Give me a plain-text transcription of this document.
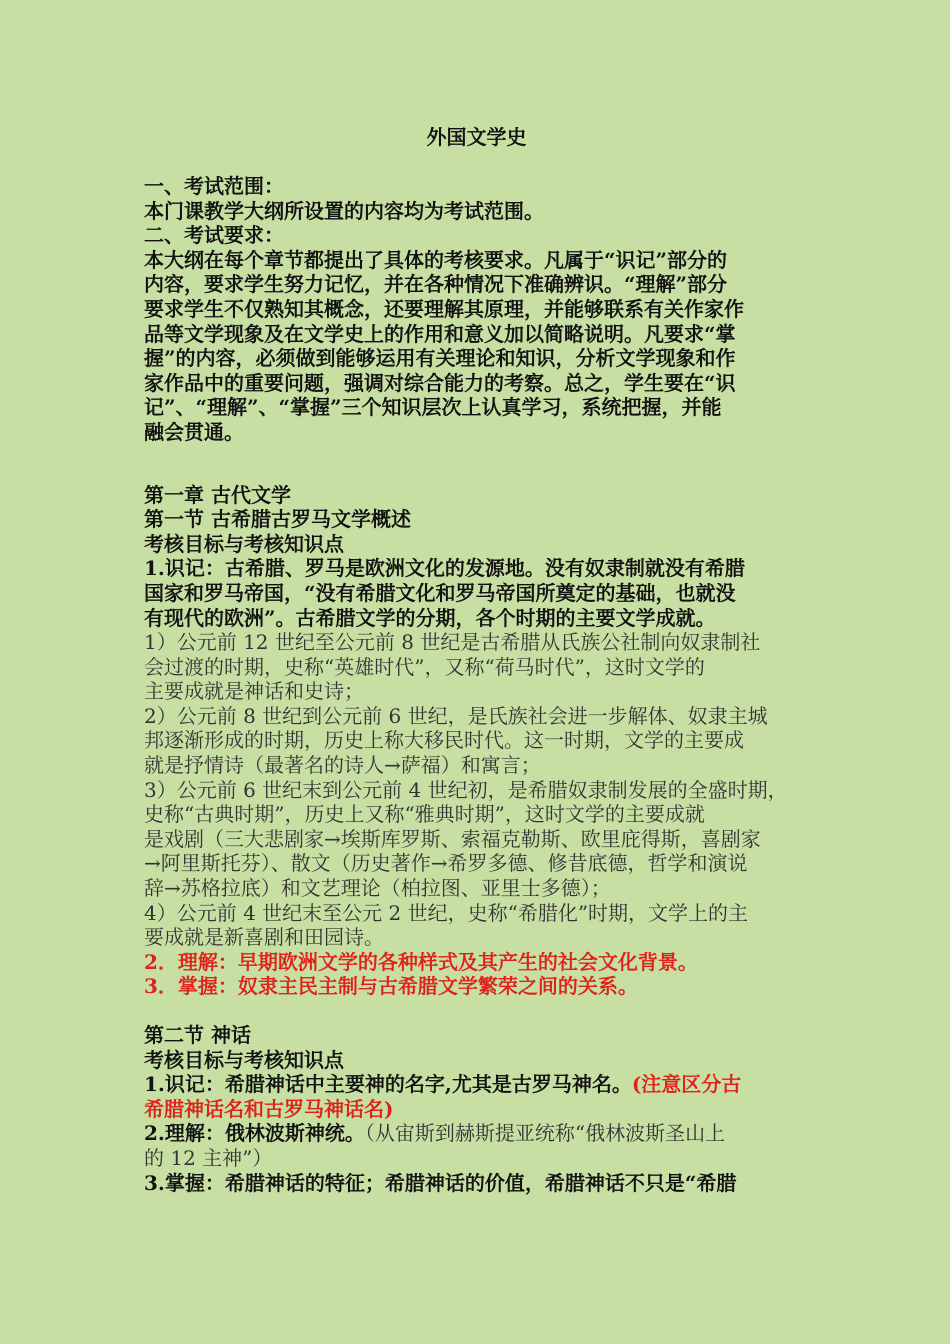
外国文学史
一、考试范围：
本门课教学大纲所设置的内容均为考试范围。
二、考试要求：
本大纲在每个章节都提出了具体的考核要求。凡属于“识记”部分的
内容，要求学生努力记忆，并在各种情况下准确辨识。“理解”部分
要求学生不仅熟知其概念，还要理解其原理，并能够联系有关作家作
品等文学现象及在文学史上的作用和意义加以简略说明。凡要求“掌
握”的内容，必须做到能够运用有关理论和知识，分析文学现象和作
家作品中的重要问题，强调对综合能力的考察。总之，学生要在“识
记”、“理解”、“掌握”三个知识层次上认真学习，系统把握，并能
融会贯通。
第一章 古代文学
第一节 古希腊古罗马文学概述
考核目标与考核知识点
1.识记：古希腊、罗马是欧洲文化的发源地。没有奴隶制就没有希腊
国家和罗马帝国，“没有希腊文化和罗马帝国所奠定的基础，也就没
有现代的欧洲”。古希腊文学的分期，各个时期的主要文学成就。
1）公元前 12 世纪至公元前 8 世纪是古希腊从氏族公社制向奴隶制社
会过渡的时期，史称“英雄时代”，又称“荷马时代”，这时文学的
主要成就是神话和史诗；
2）公元前 8 世纪到公元前 6 世纪，是氏族社会进一步解体、奴隶主城
邦逐渐形成的时期，历史上称大移民时代。这一时期，文学的主要成
就是抒情诗（最著名的诗人→萨福）和寓言；
3）公元前 6 世纪末到公元前 4 世纪初，是希腊奴隶制发展的全盛时期，
史称“古典时期”，历史上又称“雅典时期”，这时文学的主要成就
是戏剧（三大悲剧家→埃斯库罗斯、索福克勒斯、欧里庇得斯，喜剧家
→阿里斯托芬）、散文（历史著作→希罗多德、修昔底德，哲学和演说
辞→苏格拉底）和文艺理论（柏拉图、亚里士多德）；
4）公元前 4 世纪末至公元 2 世纪，史称“希腊化”时期，文学上的主
要成就是新喜剧和田园诗。
2．理解：早期欧洲文学的各种样式及其产生的社会文化背景。
3．掌握：奴隶主民主制与古希腊文学繁荣之间的关系。
第二节 神话
考核目标与考核知识点
1.识记：希腊神话中主要神的名字,尤其是古罗马神名。(注意区分古
希腊神话名和古罗马神话名)
2.理解：俄林波斯神统。（从宙斯到赫斯提亚统称“俄林波斯圣山上
的 12 主神”）
3.掌握：希腊神话的特征；希腊神话的价值，希腊神话不只是“希腊
